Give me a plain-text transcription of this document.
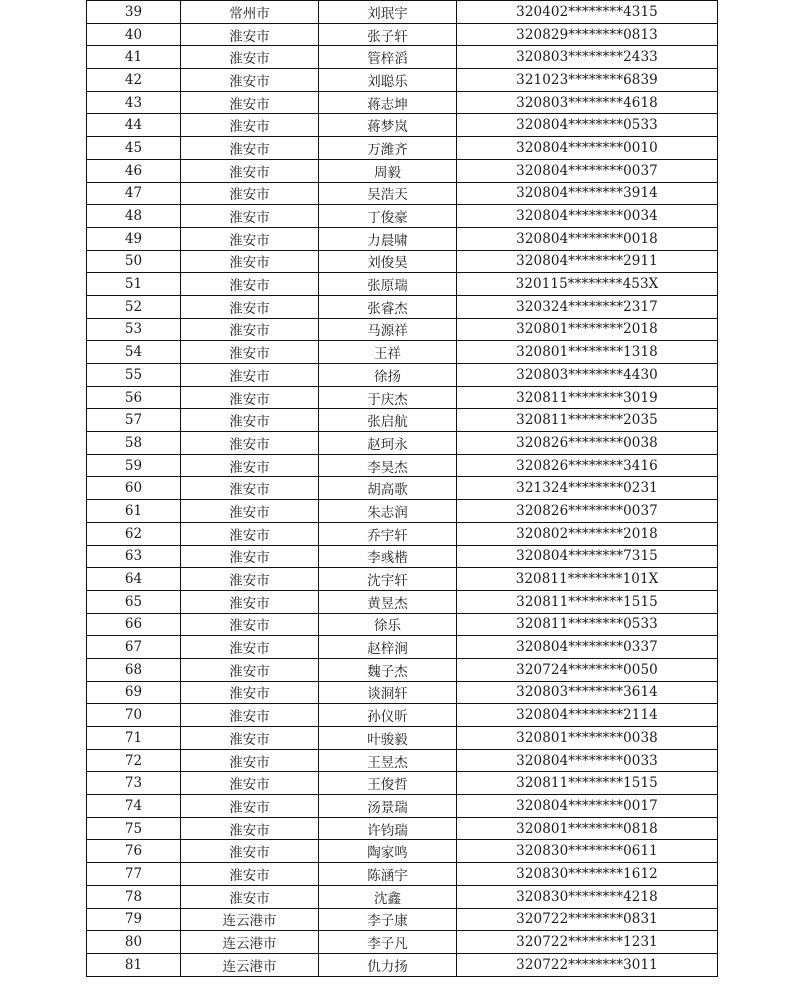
39	常州市	刘珉宇	320402********4315
40	淮安市	张子轩	320829********0813
41	淮安市	管梓滔	320803********2433
42	淮安市	刘聪乐	321023********6839
43	淮安市	蒋志坤	320803********4618
44	淮安市	蒋梦岚	320804********0533
45	淮安市	万潍齐	320804********0010
46	淮安市	周毅	320804********0037
47	淮安市	吴浩天	320804********3914
48	淮安市	丁俊豪	320804********0034
49	淮安市	力晨啸	320804********0018
50	淮安市	刘俊昊	320804********2911
51	淮安市	张原瑞	320115********453X
52	淮安市	张睿杰	320324********2317
53	淮安市	马源祥	320801********2018
54	淮安市	王祥	320801********1318
55	淮安市	徐扬	320803********4430
56	淮安市	于庆杰	320811********3019
57	淮安市	张启航	320811********2035
58	淮安市	赵珂永	320826********0038
59	淮安市	李昊杰	320826********3416
60	淮安市	胡高歌	321324********0231
61	淮安市	朱志润	320826********0037
62	淮安市	乔宇轩	320802********2018
63	淮安市	李彧楷	320804********7315
64	淮安市	沈宇轩	320811********101X
65	淮安市	黄昱杰	320811********1515
66	淮安市	徐乐	320811********0533
67	淮安市	赵梓涧	320804********0337
68	淮安市	魏子杰	320724********0050
69	淮安市	谈浻轩	320803********3614
70	淮安市	孙仪昕	320804********2114
71	淮安市	叶骏毅	320801********0038
72	淮安市	王昱杰	320804********0033
73	淮安市	王俊哲	320811********1515
74	淮安市	汤景瑞	320804********0017
75	淮安市	许钧瑞	320801********0818
76	淮安市	陶家鸣	320830********0611
77	淮安市	陈涵宇	320830********1612
78	淮安市	沈鑫	320830********4218
79	连云港市	李子康	320722********0831
80	连云港市	李子凡	320722********1231
81	连云港市	仇力扬	320722********3011
